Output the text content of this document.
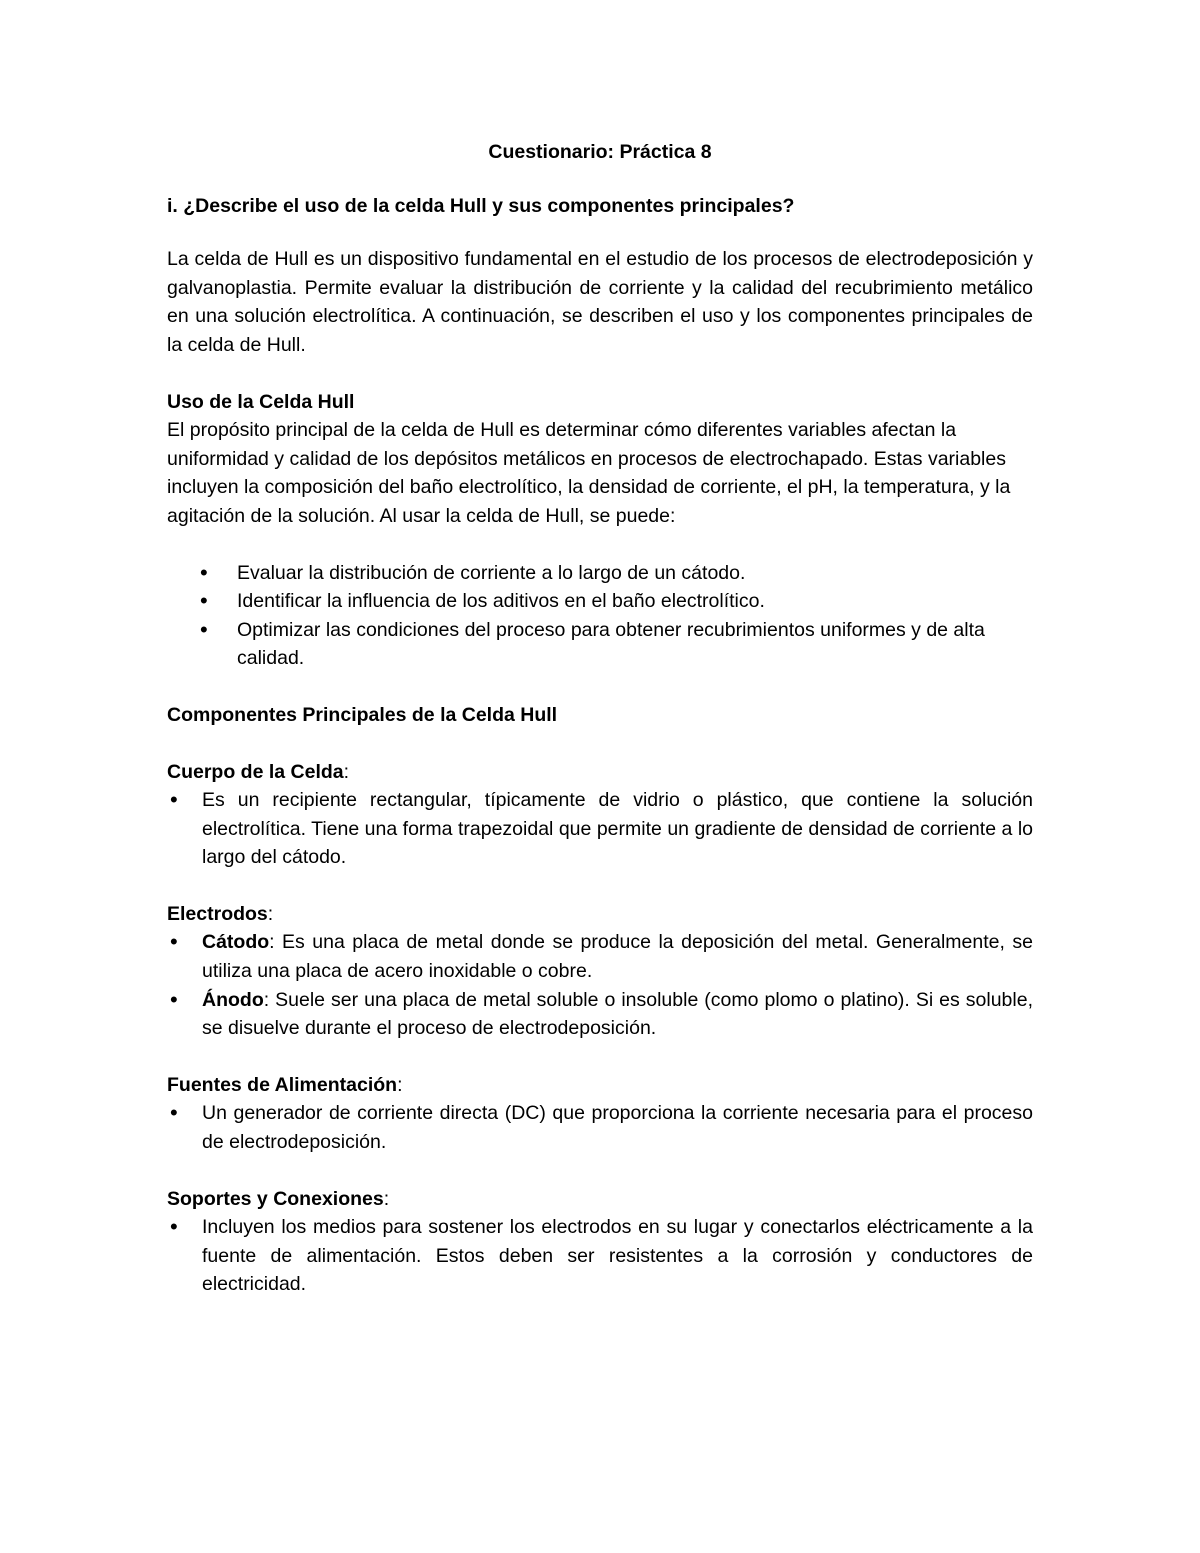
Cuestionario: Práctica 8

i. ¿Describe el uso de la celda Hull y sus componentes principales?

La celda de Hull es un dispositivo fundamental en el estudio de los procesos de electrodeposición y galvanoplastia. Permite evaluar la distribución de corriente y la calidad del recubrimiento metálico en una solución electrolítica. A continuación, se describen el uso y los componentes principales de la celda de Hull.

Uso de la Celda Hull

El propósito principal de la celda de Hull es determinar cómo diferentes variables afectan la uniformidad y calidad de los depósitos metálicos en procesos de electrochapado. Estas variables incluyen la composición del baño electrolítico, la densidad de corriente, el pH, la temperatura, y la agitación de la solución. Al usar la celda de Hull, se puede:

• Evaluar la distribución de corriente a lo largo de un cátodo.
• Identificar la influencia de los aditivos en el baño electrolítico.
• Optimizar las condiciones del proceso para obtener recubrimientos uniformes y de alta calidad.

Componentes Principales de la Celda Hull

Cuerpo de la Celda:

• Es un recipiente rectangular, típicamente de vidrio o plástico, que contiene la solución electrolítica. Tiene una forma trapezoidal que permite un gradiente de densidad de corriente a lo largo del cátodo.

Electrodos:

• Cátodo: Es una placa de metal donde se produce la deposición del metal. Generalmente, se utiliza una placa de acero inoxidable o cobre.
• Ánodo: Suele ser una placa de metal soluble o insoluble (como plomo o platino). Si es soluble, se disuelve durante el proceso de electrodeposición.

Fuentes de Alimentación:

• Un generador de corriente directa (DC) que proporciona la corriente necesaria para el proceso de electrodeposición.

Soportes y Conexiones:

• Incluyen los medios para sostener los electrodos en su lugar y conectarlos eléctricamente a la fuente de alimentación. Estos deben ser resistentes a la corrosión y conductores de electricidad.
